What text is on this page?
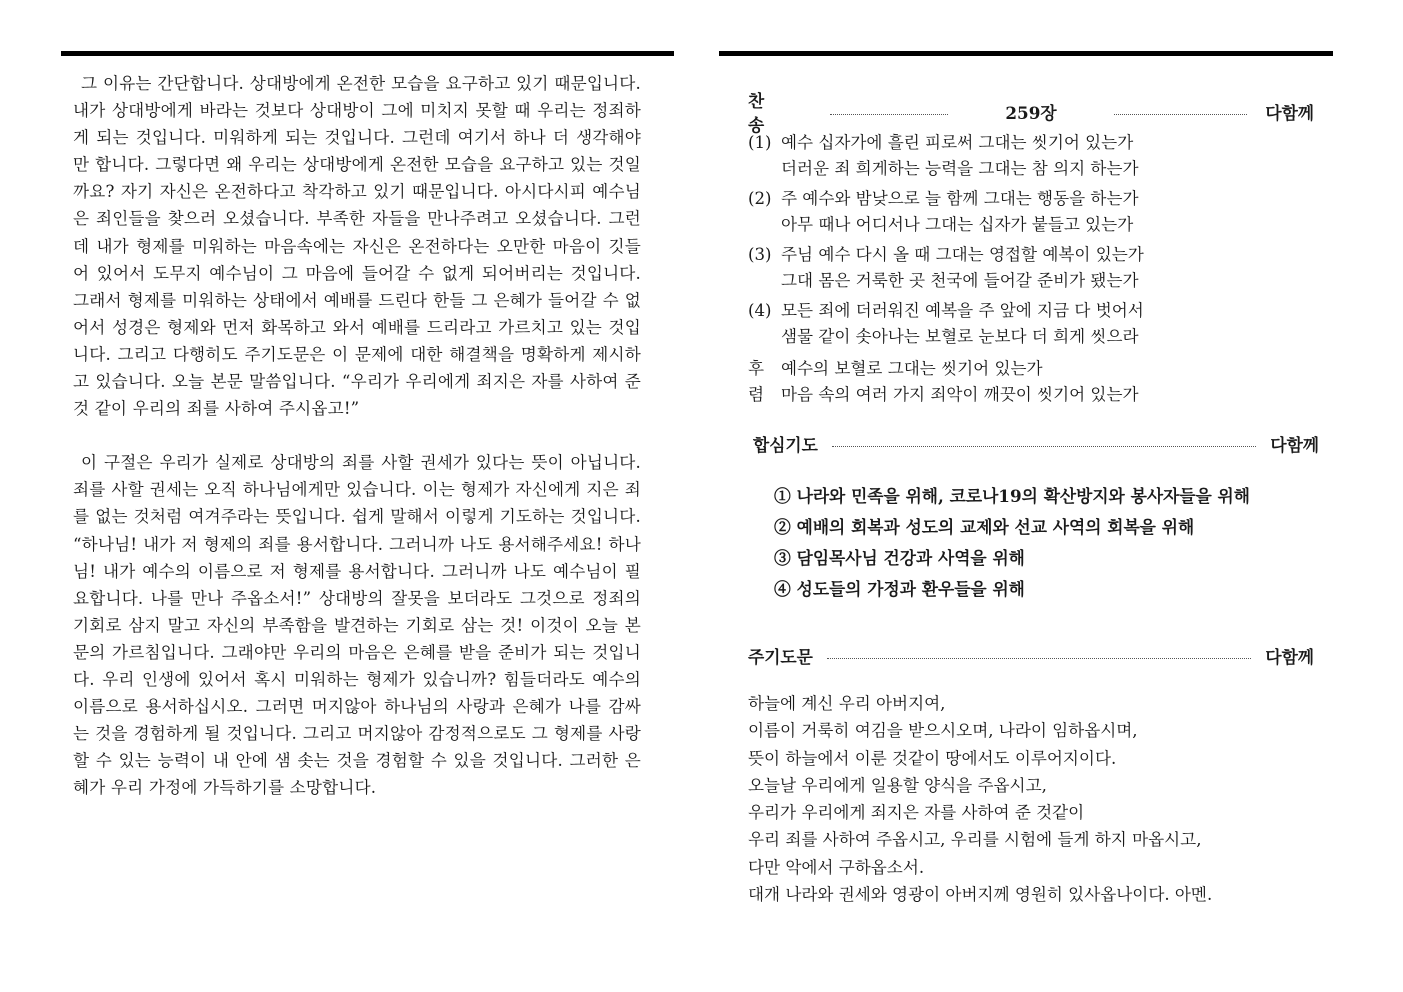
그 이유는 간단합니다. 상대방에게 온전한 모습을 요구하고 있기 때문입니다. 내가 상대방에게 바라는 것보다 상대방이 그에 미치지 못할 때 우리는 정죄하게 되는 것입니다. 미워하게 되는 것입니다. 그런데 여기서 하나 더 생각해야만 합니다. 그렇다면 왜 우리는 상대방에게 온전한 모습을 요구하고 있는 것일까요? 자기 자신은 온전하다고 착각하고 있기 때문입니다. 아시다시피 예수님은 죄인들을 찾으러 오셨습니다. 부족한 자들을 만나주려고 오셨습니다. 그런데 내가 형제를 미워하는 마음속에는 자신은 온전하다는 오만한 마음이 깃들어 있어서 도무지 예수님이 그 마음에 들어갈 수 없게 되어버리는 것입니다. 그래서 형제를 미워하는 상태에서 예배를 드린다 한들 그 은혜가 들어갈 수 없어서 성경은 형제와 먼저 화목하고 와서 예배를 드리라고 가르치고 있는 것입니다. 그리고 다행히도 주기도문은 이 문제에 대한 해결책을 명확하게 제시하고 있습니다. 오늘 본문 말씀입니다. “우리가 우리에게 죄지은 자를 사하여 준 것 같이 우리의 죄를 사하여 주시옵고!”

이 구절은 우리가 실제로 상대방의 죄를 사할 권세가 있다는 뜻이 아닙니다. 죄를 사할 권세는 오직 하나님에게만 있습니다. 이는 형제가 자신에게 지은 죄를 없는 것처럼 여겨주라는 뜻입니다. 쉽게 말해서 이렇게 기도하는 것입니다. “하나님! 내가 저 형제의 죄를 용서합니다. 그러니까 나도 용서해주세요! 하나님! 내가 예수의 이름으로 저 형제를 용서합니다. 그러니까 나도 예수님이 필요합니다. 나를 만나 주옵소서!” 상대방의 잘못을 보더라도 그것으로 정죄의 기회로 삼지 말고 자신의 부족함을 발견하는 기회로 삼는 것! 이것이 오늘 본문의 가르침입니다. 그래야만 우리의 마음은 은혜를 받을 준비가 되는 것입니다. 우리 인생에 있어서 혹시 미워하는 형제가 있습니까? 힘들더라도 예수의 이름으로 용서하십시오. 그러면 머지않아 하나님의 사랑과 은혜가 나를 감싸는 것을 경험하게 될 것입니다. 그리고 머지않아 감정적으로도 그 형제를 사랑할 수 있는 능력이 내 안에 샘 솟는 것을 경험할 수 있을 것입니다. 그러한 은혜가 우리 가정에 가득하기를 소망합니다.

찬송
259장	다함께
(1) 예수 십자가에 흘린 피로써 그대는 씻기어 있는가
더러운 죄 희게하는 능력을 그대는 참 의지 하는가
(2) 주 예수와 밤낮으로 늘 함께 그대는 행동을 하는가
아무 때나 어디서나 그대는 십자가 붙들고 있는가
(3) 주님 예수 다시 올 때 그대는 영접할 예복이 있는가
그대 몸은 거룩한 곳 천국에 들어갈 준비가 됐는가
(4) 모든 죄에 더러워진 예복을 주 앞에 지금 다 벗어서
샘물 같이 솟아나는 보혈로 눈보다 더 희게 씻으라
후	예수의 보혈로 그대는 씻기어 있는가
렴	마음 속의 여러 가지 죄악이 깨끗이 씻기어 있는가
합심기도	다함께
① 나라와 민족을 위해, 코로나19의 확산방지와 봉사자들을 위해
② 예배의 회복과 성도의 교제와 선교 사역의 회복을 위해
③ 담임목사님 건강과 사역을 위해
④ 성도들의 가정과 환우들을 위해
주기도문	다함께
하늘에 계신 우리 아버지여,
이름이 거룩히 여김을 받으시오며, 나라이 임하옵시며,
뜻이 하늘에서 이룬 것같이 땅에서도 이루어지이다.
오늘날 우리에게 일용할 양식을 주옵시고,
우리가 우리에게 죄지은 자를 사하여 준 것같이
우리 죄를 사하여 주옵시고, 우리를 시험에 들게 하지 마옵시고,
다만 악에서 구하옵소서.
대개 나라와 권세와 영광이 아버지께 영원히 있사옵나이다. 아멘.
